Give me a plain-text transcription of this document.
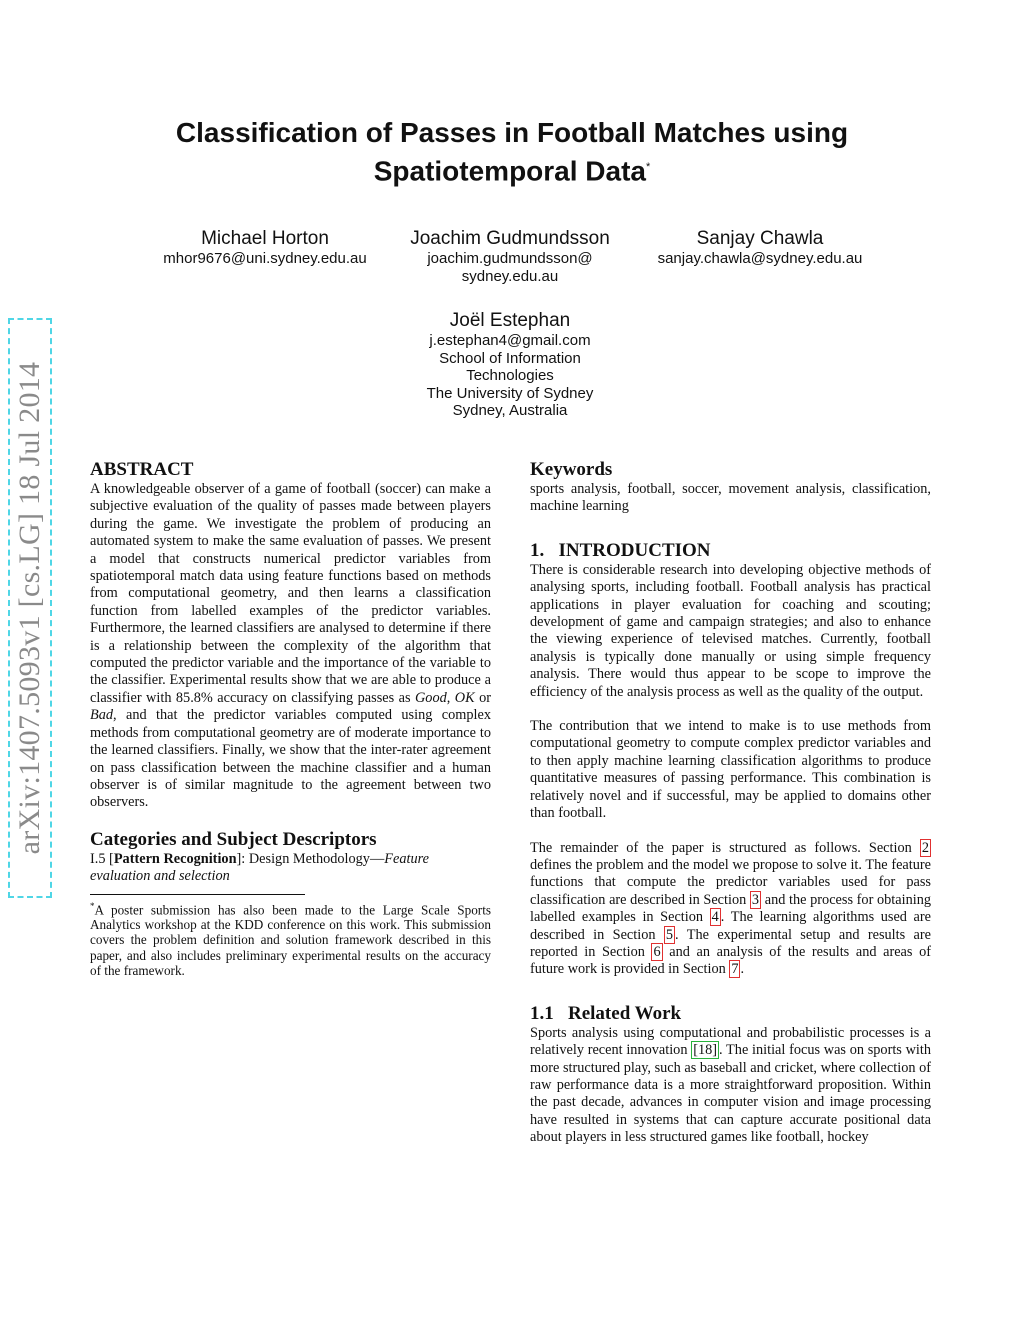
arXiv:1407.5093v1 [cs.LG] 18 Jul 2014
Classification of Passes in Football Matches using
Spatiotemporal Data*
Michael Horton
mhor9676@uni.sydney.edu.au
Joachim Gudmundsson
joachim.gudmundsson@
sydney.edu.au
Sanjay Chawla
sanjay.chawla@sydney.edu.au
Joël Estephan
j.estephan4@gmail.com
School of Information
Technologies
The University of Sydney
Sydney, Australia
ABSTRACT

A knowledgeable observer of a game of football (soccer) can make a subjective evaluation of the quality of passes made between players during the game. We investigate the problem of producing an automated system to make the same evaluation of passes. We present a model that constructs numerical predictor variables from spatiotemporal match data using feature functions based on methods from computational geometry, and then learns a classification function from labelled examples of the predictor variables. Furthermore, the learned classifiers are analysed to determine if there is a relationship between the complexity of the algorithm that computed the predictor variable and the importance of the variable to the classifier. Experimental results show that we are able to produce a classifier with 85.8% accuracy on classifying passes as Good, OK or Bad, and that the predictor variables computed using complex methods from computational geometry are of moderate importance to the learned classifiers. Finally, we show that the inter-rater agreement on pass classification between the machine classifier and a human observer is of similar magnitude to the agreement between two observers.

Categories and Subject Descriptors

I.5 [Pattern Recognition]: Design Methodology—Feature evaluation and selection

*A poster submission has also been made to the Large Scale Sports Analytics workshop at the KDD conference on this work. This submission covers the problem definition and solution framework described in this paper, and also includes preliminary experimental results on the accuracy of the framework.

Keywords

sports analysis, football, soccer, movement analysis, classification, machine learning

1.   INTRODUCTION

There is considerable research into developing objective methods of analysing sports, including football. Football analysis has practical applications in player evaluation for coaching and scouting; development of game and campaign strategies; and also to enhance the viewing experience of televised matches. Currently, football analysis is typically done manually or using simple frequency analysis. There would thus appear to be scope to improve the efficiency of the analysis process as well as the quality of the output.

The contribution that we intend to make is to use methods from computational geometry to compute complex predictor variables and to then apply machine learning classification algorithms to produce quantitative measures of passing performance. This combination is relatively novel and if successful, may be applied to domains other than football.

The remainder of the paper is structured as follows. Section 2 defines the problem and the model we propose to solve it. The feature functions that compute the predictor variables used for pass classification are described in Section 3 and the process for obtaining labelled examples in Section 4 . The learning algorithms used are described in Section 5 . The experimental setup and results are reported in Section 6 and an analysis of the results and areas of future work is provided in Section 7 .

1.1   Related Work

Sports analysis using computational and probabilistic processes is a relatively recent innovation [18] . The initial focus was on sports with more structured play, such as baseball and cricket, where collection of raw performance data is a more straightforward proposition. Within the past decade, advances in computer vision and image processing have resulted in systems that can capture accurate positional data about players in less structured games like football, hockey
